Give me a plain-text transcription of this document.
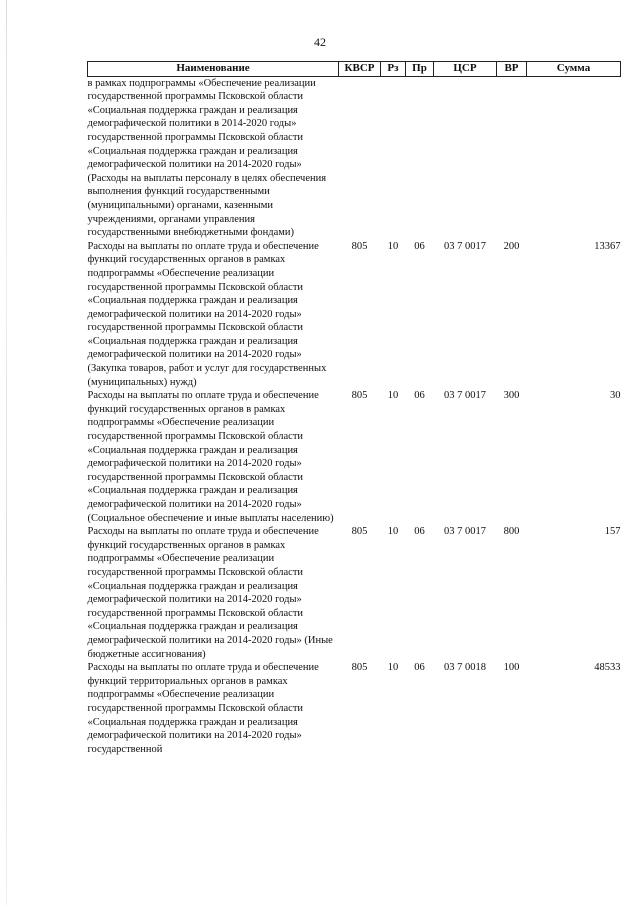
42
Наименование	КВСР	Рз	Пр	ЦСР	ВР	Сумма
в рамках подпрограммы «Обеспечение реализации государственной программы Псковской области «Социальная поддержка граждан и реализация демографической политики в 2014-2020 годы» государственной программы Псковской области «Социальная поддержка граждан и реализация демографической политики на 2014-2020 годы» (Расходы на выплаты персоналу в целях обеспечения выполнения функций государственными (муниципальными) органами, казенными учреждениями, органами управления государственными внебюджетными фондами)						
Расходы на выплаты по оплате труда и обеспечение функций государственных органов в рамках подпрограммы «Обеспечение реализации государственной программы Псковской области «Социальная поддержка граждан и реализация демографической политики на 2014-2020 годы» государственной программы Псковской области «Социальная поддержка граждан и реализация демографической политики на 2014-2020 годы» (Закупка товаров, работ и услуг для государственных (муниципальных) нужд)	805	10	06	03 7 0017	200	13367
Расходы на выплаты по оплате труда и обеспечение функций государственных органов в рамках подпрограммы «Обеспечение реализации государственной программы Псковской области «Социальная поддержка граждан и реализация демографической политики на 2014-2020 годы» государственной программы Псковской области «Социальная поддержка граждан и реализация демографической политики на 2014-2020 годы» (Социальное обеспечение и иные выплаты населению)	805	10	06	03 7 0017	300	30
Расходы на выплаты по оплате труда и обеспечение функций государственных органов в рамках подпрограммы «Обеспечение реализации государственной программы Псковской области «Социальная поддержка граждан и реализация демографической политики на 2014-2020 годы» государственной программы Псковской области «Социальная поддержка граждан и реализация демографической политики на 2014-2020 годы» (Иные бюджетные ассигнования)	805	10	06	03 7 0017	800	157
Расходы на выплаты по оплате труда и обеспечение функций территориальных органов в рамках подпрограммы «Обеспечение реализации государственной программы Псковской области «Социальная поддержка граждан и реализация демографической политики на 2014-2020 годы» государственной	805	10	06	03 7 0018	100	48533
